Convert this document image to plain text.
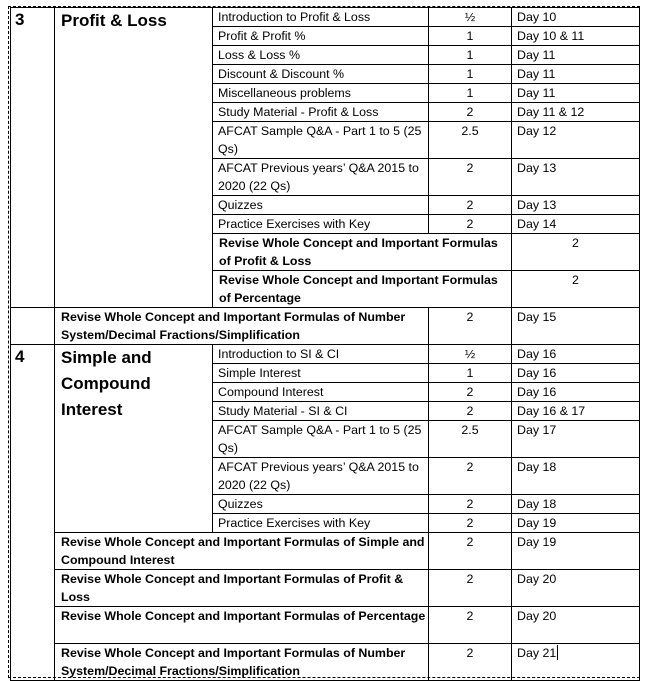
3	Profit & Loss	Introduction to Profit & Loss	½	Day 10	
		Profit & Profit %	1	Day 10 & 11	
		Loss & Loss %	1	Day 11	
		Discount & Discount %	1	Day 11	
		Miscellaneous problems	1	Day 11	
		Study Material - Profit & Loss	2	Day 11 & 12	
		AFCAT Sample Q&A - Part 1 to 5 (25 Qs)	2.5	Day 12	
		AFCAT Previous years’ Q&A 2015 to 2020 (22 Qs)	2	Day 13	
		Quizzes	2	Day 13	
		Practice Exercises with Key	2	Day 14	
		Revise Whole Concept and Important Formulas of Profit & Loss		2	
		Revise Whole Concept and Important Formulas of Percentage		2	
	Revise Whole Concept and Important Formulas of Number System/Decimal Fractions/Simplification		2	Day 15	
4	Simple and Compound Interest	Introduction to SI & CI	½	Day 16	
		Simple Interest	1	Day 16	
		Compound Interest	2	Day 16	
		Study Material - SI & CI	2	Day 16 & 17	
		AFCAT Sample Q&A - Part 1 to 5 (25 Qs)	2.5	Day 17	
		AFCAT Previous years’ Q&A 2015 to 2020 (22 Qs)	2	Day 18	
		Quizzes	2	Day 18	
		Practice Exercises with Key	2	Day 19	
	Revise Whole Concept and Important Formulas of Simple and Compound Interest		2	Day 19	
	Revise Whole Concept and Important Formulas of Profit & Loss		2	Day 20	
	Revise Whole Concept and Important Formulas of Percentage		2	Day 20	
	Revise Whole Concept and Important Formulas of Number System/Decimal Fractions/Simplification		2	Day 21	
